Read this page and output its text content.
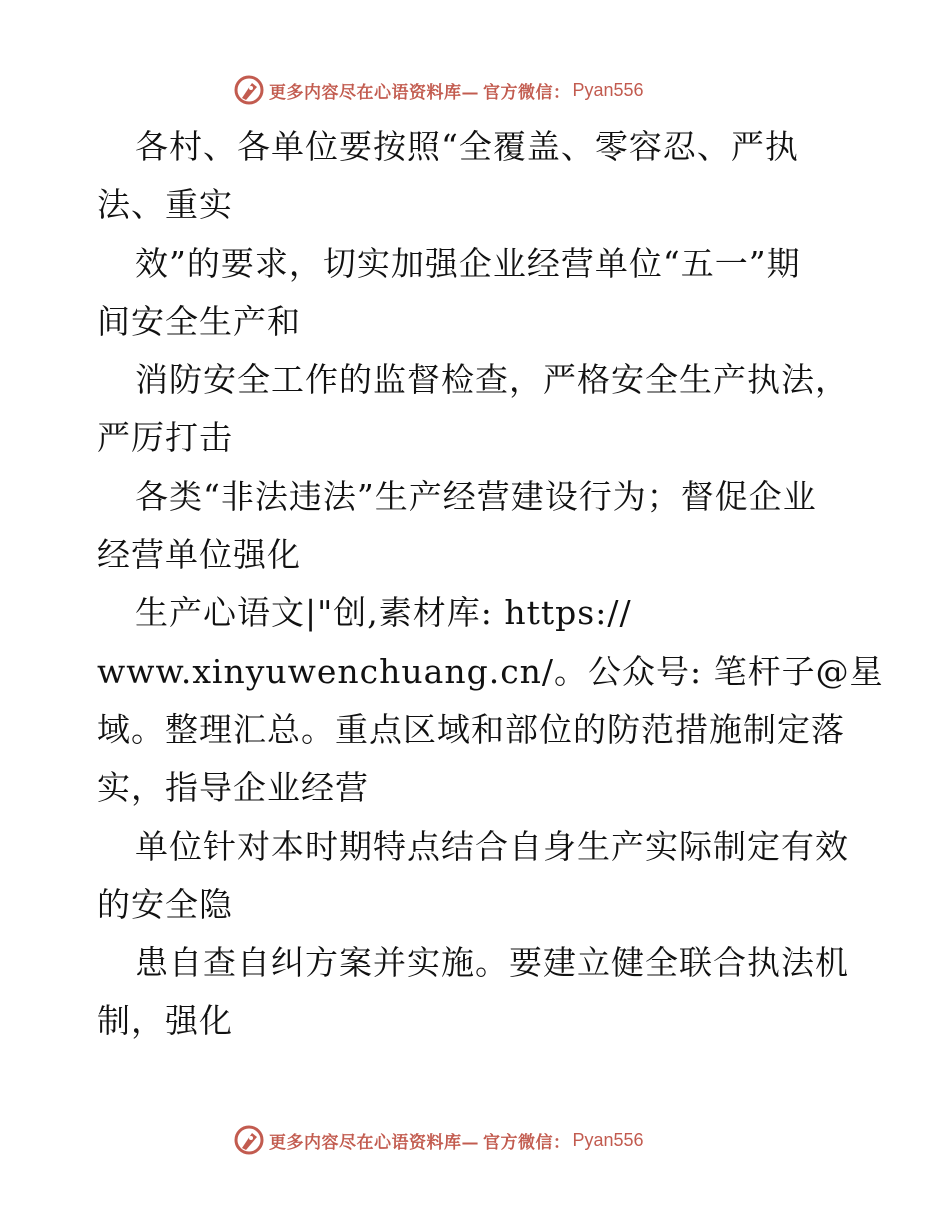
更多内容尽在心语资料库— 官方微信： Pyan556
各村、各单位要按照“全覆盖、零容忍、严执
法、重实
效”的要求，切实加强企业经营单位“五一”期
间安全生产和
消防安全工作的监督检查，严格安全生产执法，
严厉打击
各类“非法违法”生产经营建设行为；督促企业
经营单位强化
生产心语文|"创,素材库: https://
www.xinyuwenchuang.cn/。公众号: 笔杆子@星
域。整理汇总。重点区域和部位的防范措施制定落
实，指导企业经营
单位针对本时期特点结合自身生产实际制定有效
的安全隐
患自查自纠方案并实施。要建立健全联合执法机
制，强化
更多内容尽在心语资料库— 官方微信： Pyan556
